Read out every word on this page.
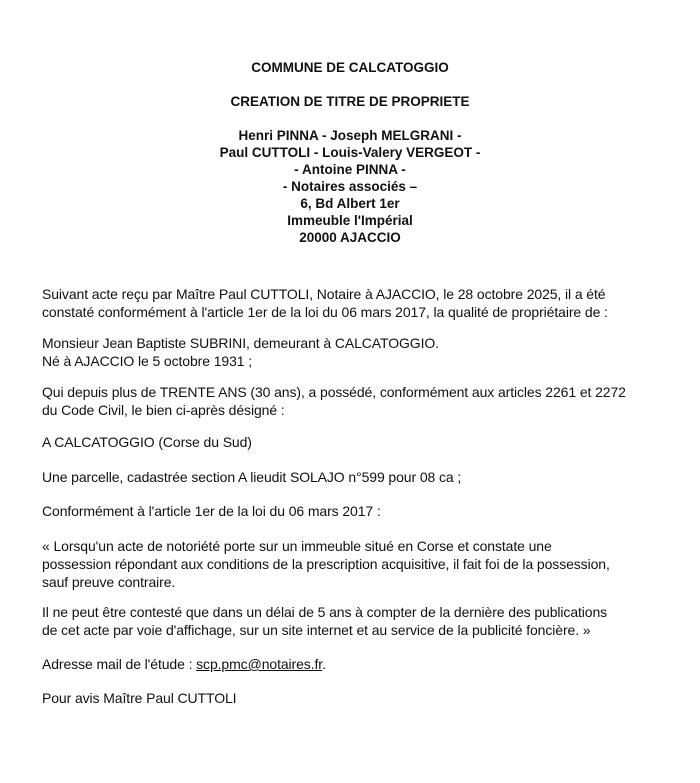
COMMUNE DE CALCATOGGIO
CREATION DE TITRE DE PROPRIETE
Henri PINNA - Joseph MELGRANI -
Paul CUTTOLI - Louis-Valery VERGEOT -
- Antoine PINNA -
- Notaires associés –
6, Bd Albert 1er
Immeuble l'Impérial
20000 AJACCIO

Suivant acte reçu par Maître Paul CUTTOLI, Notaire à AJACCIO, le 28 octobre 2025, il a été

constaté conformément à l'article 1er de la loi du 06 mars 2017, la qualité de propriétaire de :

Monsieur Jean Baptiste SUBRINI, demeurant à CALCATOGGIO.

Né à AJACCIO le 5 octobre 1931 ;

Qui depuis plus de TRENTE ANS (30 ans), a possédé, conformément aux articles 2261 et 2272

du Code Civil, le bien ci-après désigné :

A CALCATOGGIO (Corse du Sud)

Une parcelle, cadastrée section A lieudit SOLAJO n°599 pour 08 ca ;

Conformément à l'article 1er de la loi du 06 mars 2017 :

« Lorsqu'un acte de notoriété porte sur un immeuble situé en Corse et constate une

possession répondant aux conditions de la prescription acquisitive, il fait foi de la possession,

sauf preuve contraire.

Il ne peut être contesté que dans un délai de 5 ans à compter de la dernière des publications

de cet acte par voie d'affichage, sur un site internet et au service de la publicité foncière. »

Adresse mail de l'étude : scp.pmc@notaires.fr.

Pour avis Maître Paul CUTTOLI
